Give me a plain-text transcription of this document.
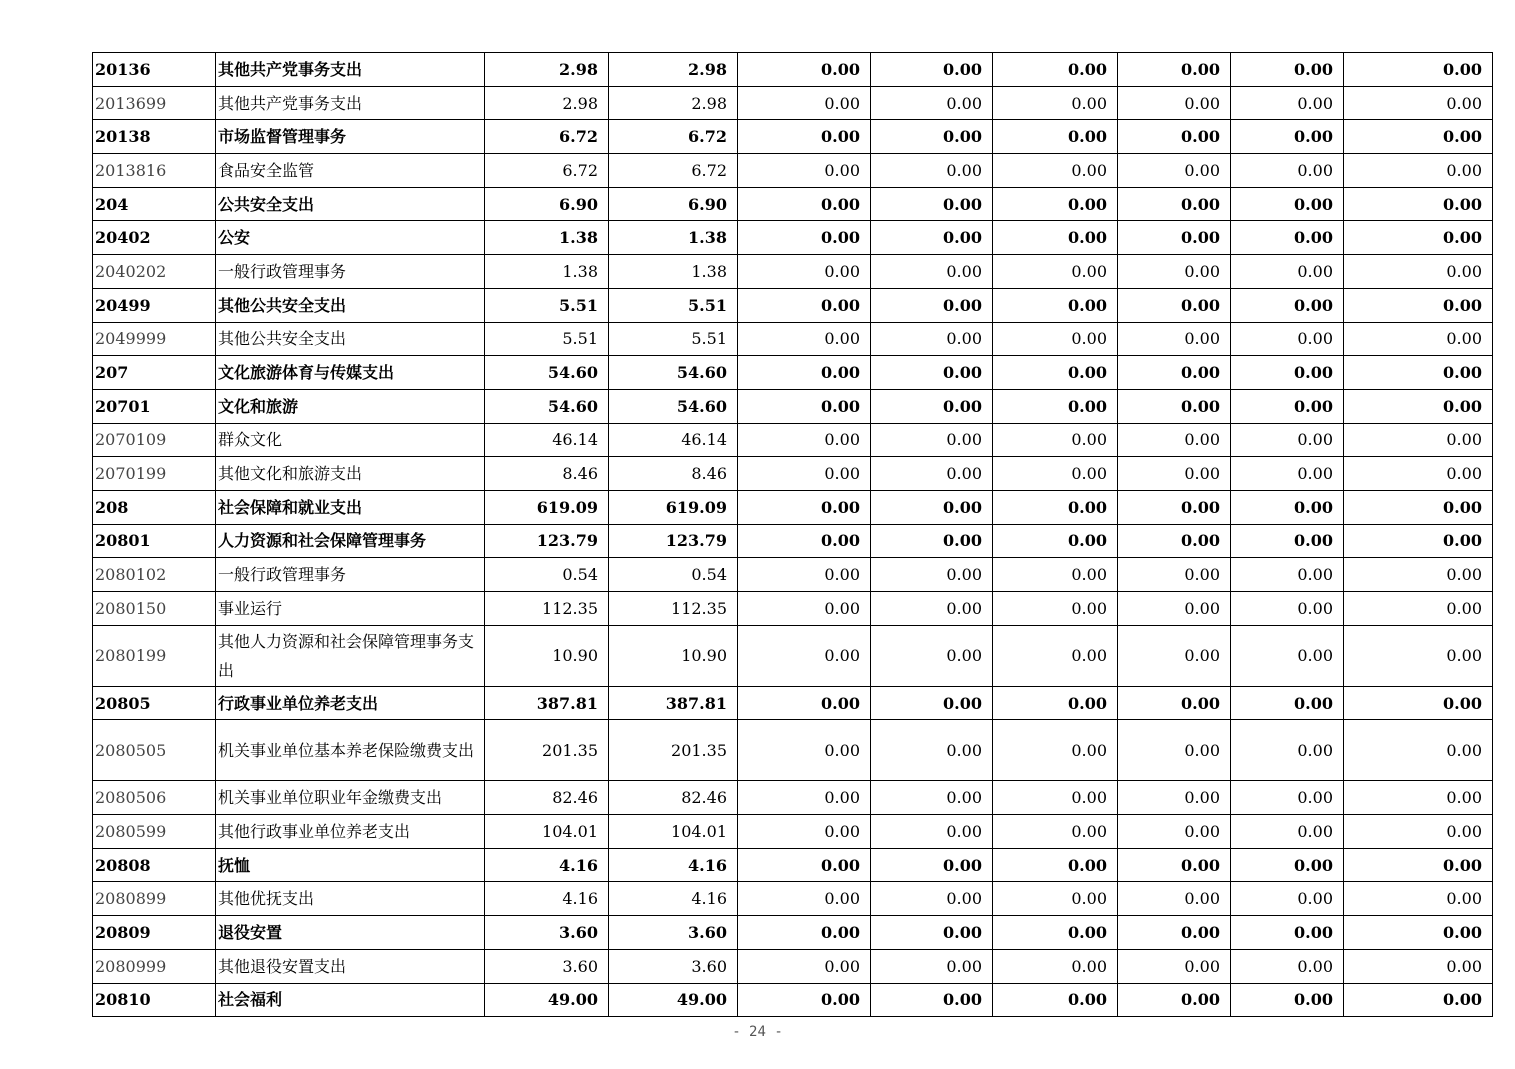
20136	其他共产党事务支出	2.98	2.98	0.00	0.00	0.00	0.00	0.00	0.00
2013699	其他共产党事务支出	2.98	2.98	0.00	0.00	0.00	0.00	0.00	0.00
20138	市场监督管理事务	6.72	6.72	0.00	0.00	0.00	0.00	0.00	0.00
2013816	食品安全监管	6.72	6.72	0.00	0.00	0.00	0.00	0.00	0.00
204	公共安全支出	6.90	6.90	0.00	0.00	0.00	0.00	0.00	0.00
20402	公安	1.38	1.38	0.00	0.00	0.00	0.00	0.00	0.00
2040202	一般行政管理事务	1.38	1.38	0.00	0.00	0.00	0.00	0.00	0.00
20499	其他公共安全支出	5.51	5.51	0.00	0.00	0.00	0.00	0.00	0.00
2049999	其他公共安全支出	5.51	5.51	0.00	0.00	0.00	0.00	0.00	0.00
207	文化旅游体育与传媒支出	54.60	54.60	0.00	0.00	0.00	0.00	0.00	0.00
20701	文化和旅游	54.60	54.60	0.00	0.00	0.00	0.00	0.00	0.00
2070109	群众文化	46.14	46.14	0.00	0.00	0.00	0.00	0.00	0.00
2070199	其他文化和旅游支出	8.46	8.46	0.00	0.00	0.00	0.00	0.00	0.00
208	社会保障和就业支出	619.09	619.09	0.00	0.00	0.00	0.00	0.00	0.00
20801	人力资源和社会保障管理事务	123.79	123.79	0.00	0.00	0.00	0.00	0.00	0.00
2080102	一般行政管理事务	0.54	0.54	0.00	0.00	0.00	0.00	0.00	0.00
2080150	事业运行	112.35	112.35	0.00	0.00	0.00	0.00	0.00	0.00
2080199	其他人力资源和社会保障管理事务支出	10.90	10.90	0.00	0.00	0.00	0.00	0.00	0.00
20805	行政事业单位养老支出	387.81	387.81	0.00	0.00	0.00	0.00	0.00	0.00
2080505	机关事业单位基本养老保险缴费支出	201.35	201.35	0.00	0.00	0.00	0.00	0.00	0.00
2080506	机关事业单位职业年金缴费支出	82.46	82.46	0.00	0.00	0.00	0.00	0.00	0.00
2080599	其他行政事业单位养老支出	104.01	104.01	0.00	0.00	0.00	0.00	0.00	0.00
20808	抚恤	4.16	4.16	0.00	0.00	0.00	0.00	0.00	0.00
2080899	其他优抚支出	4.16	4.16	0.00	0.00	0.00	0.00	0.00	0.00
20809	退役安置	3.60	3.60	0.00	0.00	0.00	0.00	0.00	0.00
2080999	其他退役安置支出	3.60	3.60	0.00	0.00	0.00	0.00	0.00	0.00
20810	社会福利	49.00	49.00	0.00	0.00	0.00	0.00	0.00	0.00
- 24 -
